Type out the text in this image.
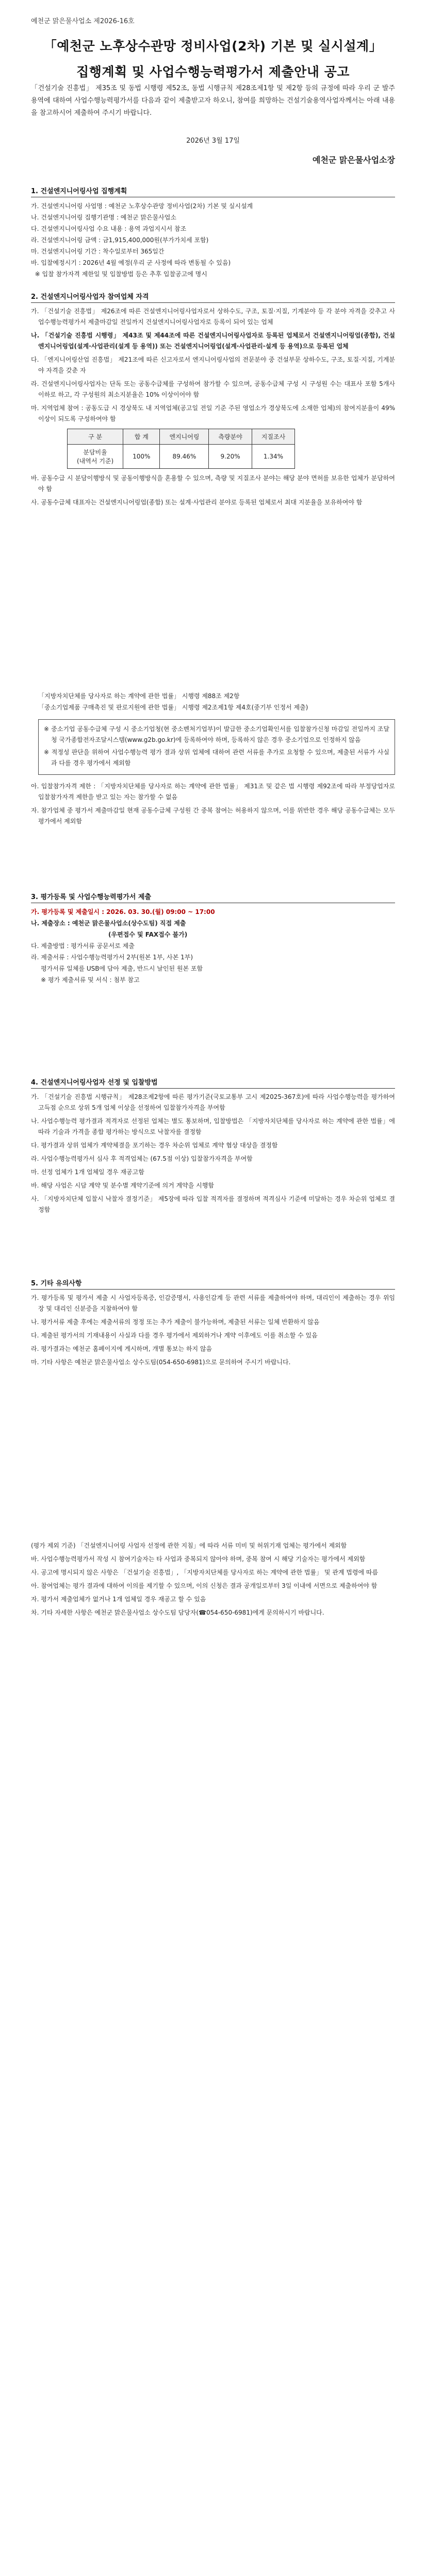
예천군 맑은물사업소 제2026-16호
「예천군 노후상수관망 정비사업(2차) 기본 및 실시설계」
집행계획 및 사업수행능력평가서 제출안내 공고
「건설기술 진흥법」 제35조 및 동법 시행령 제52조, 동법 시행규칙 제28조제1항 및 제2항 등의 규정에 따라 우리 군 발주 용역에 대하여 사업수행능력평가서를 다음과 같이 제출받고자 하오니, 참여를 희망하는 건설기술용역사업자께서는 아래 내용을 참고하시어 제출하여 주시기 바랍니다.
2026년 3월 17일
예천군 맑은물사업소장
1. 건설엔지니어링사업 집행계획
가. 건설엔지니어링 사업명 : 예천군 노후상수관망 정비사업(2차) 기본 및 실시설계
나. 건설엔지니어링 집행기관명 : 예천군 맑은물사업소
다. 건설엔지니어링사업 수요 내용 : 용역 과업지시서 참조
라. 건설엔지니어링 금액 : 금1,915,400,000원(부가가치세 포함)
마. 건설엔지니어링 기간 : 착수일로부터 365일간
바. 입찰예정시기 : 2026년 4월 예정(우리 군 사정에 따라 변동될 수 있음)
※ 입찰 참가자격 제한일 및 입찰방법 등은 추후 입찰공고에 명시
2. 건설엔지니어링사업자 참여업체 자격
가. 「건설기술 진흥법」 제26조에 따른 건설엔지니어링사업자로서 상하수도, 구조, 토질·지질, 기계분야 등 각 분야 자격을 갖추고 사업수행능력평가서 제출마감일 전일까지 건설엔지니어링사업자로 등록이 되어 있는 업체
나. 「건설기술 진흥법 시행령」 제43조 및 제44조에 따른 건설엔지니어링사업자로 등록된 업체로서 건설엔지니어링업(종합), 건설엔지니어링업(설계·사업관리(설계 등 용역)) 또는 건설엔지니어링업(설계·사업관리·설계 등 용역)으로 등록된 업체
다. 「엔지니어링산업 진흥법」 제21조에 따른 신고자로서 엔지니어링사업의 전문분야 중 건설부문 상하수도, 구조, 토질·지질, 기계분야 자격을 갖춘 자
라. 건설엔지니어링사업자는 단독 또는 공동수급체를 구성하여 참가할 수 있으며, 공동수급체 구성 시 구성원 수는 대표사 포함 5개사 이하로 하고, 각 구성원의 최소지분율은 10% 이상이어야 함
마. 지역업체 참여 : 공동도급 시 경상북도 내 지역업체(공고일 전일 기준 주된 영업소가 경상북도에 소재한 업체)의 참여지분율이 49% 이상이 되도록 구성하여야 함
구 분	합 계	엔지니어링	측량분야	지질조사
분담비율
(내역서 기준)	100%	89.46%	9.20%	1.34%
바. 공동수급 시 분담이행방식 및 공동이행방식을 혼용할 수 있으며, 측량 및 지질조사 분야는 해당 분야 면허를 보유한 업체가 분담하여야 함
사. 공동수급체 대표자는 건설엔지니어링업(종합) 또는 설계·사업관리 분야로 등록된 업체로서 최대 지분율을 보유하여야 함
「지방자치단체를 당사자로 하는 계약에 관한 법률」 시행령 제88조 제2항
「중소기업제품 구매촉진 및 판로지원에 관한 법률」 시행령 제2조제1항 제4호(중기부 인정서 제출)
※ 중소기업 공동수급체 구성 시 중소기업청(현 중소벤처기업부)이 발급한 중소기업확인서를 입찰참가신청 마감일 전일까지 조달청 국가종합전자조달시스템(www.g2b.go.kr)에 등록하여야 하며, 등록하지 않은 경우 중소기업으로 인정하지 않음
※ 적정성 판단을 위하여 사업수행능력 평가 결과 상위 업체에 대하여 관련 서류를 추가로 요청할 수 있으며, 제출된 서류가 사실과 다를 경우 평가에서 제외함
아. 입찰참가자격 제한 : 「지방자치단체를 당사자로 하는 계약에 관한 법률」 제31조 및 같은 법 시행령 제92조에 따라 부정당업자로 입찰참가자격 제한을 받고 있는 자는 참가할 수 없음
자. 참가업체 중 평가서 제출마감일 현재 공동수급체 구성원 간 중복 참여는 허용하지 않으며, 이를 위반한 경우 해당 공동수급체는 모두 평가에서 제외함
3. 평가등록 및 사업수행능력평가서 제출
가. 평가등록 및 제출일시 : 2026. 03. 30.(월) 09:00 ~ 17:00
나. 제출장소 : 예천군 맑은물사업소(상수도팀) 직접 제출
(우편접수 및 FAX접수 불가)
다. 제출방법 : 평가서류 공문서로 제출
라. 제출서류 : 사업수행능력평가서 2부(원본 1부, 사본 1부)
평가서류 일체를 USB에 담아 제출, 반드시 날인된 원본 포함
※ 평가 제출서류 및 서식 : 첨부 참고
4. 건설엔지니어링사업자 선정 및 입찰방법
가. 「건설기술 진흥법 시행규칙」 제28조제2항에 따른 평가기준(국토교통부 고시 제2025-367호)에 따라 사업수행능력을 평가하여 고득점 순으로 상위 5개 업체 이상을 선정하여 입찰참가자격을 부여함
나. 사업수행능력 평가결과 적격자로 선정된 업체는 별도 통보하며, 입찰방법은 「지방자치단체를 당사자로 하는 계약에 관한 법률」에 따라 기술과 가격을 종합 평가하는 방식으로 낙찰자를 결정함
다. 평가결과 상위 업체가 계약체결을 포기하는 경우 차순위 업체로 계약 협상 대상을 결정함
라. 사업수행능력평가서 심사 후 적격업체는 (67.5점 이상) 입찰참가자격을 부여함
마. 선정 업체가 1개 업체일 경우 재공고함
바. 해당 사업은 시담 계약 및 분수별 계약기준에 의거 계약을 시행함
사. 「지방자치단체 입찰시 낙찰자 결정기준」 제5장에 따라 입찰 적격자를 결정하며 적격심사 기준에 미달하는 경우 차순위 업체로 결정함
5. 기타 유의사항
가. 평가등록 및 평가서 제출 시 사업자등록증, 인감증명서, 사용인감계 등 관련 서류를 제출하여야 하며, 대리인이 제출하는 경우 위임장 및 대리인 신분증을 지참하여야 함
나. 평가서류 제출 후에는 제출서류의 정정 또는 추가 제출이 불가능하며, 제출된 서류는 일체 반환하지 않음
다. 제출된 평가서의 기재내용이 사실과 다를 경우 평가에서 제외하거나 계약 이후에도 이를 취소할 수 있음
라. 평가결과는 예천군 홈페이지에 게시하며, 개별 통보는 하지 않음
마. 기타 사항은 예천군 맑은물사업소 상수도팀(054-650-6981)으로 문의하여 주시기 바랍니다.
(평가 제외 기준) 「건설엔지니어링 사업자 선정에 관한 지침」에 따라 서류 미비 및 허위기재 업체는 평가에서 제외함
바. 사업수행능력평가서 작성 시 참여기술자는 타 사업과 중복되지 않아야 하며, 중복 참여 시 해당 기술자는 평가에서 제외함
사. 공고에 명시되지 않은 사항은 「건설기술 진흥법」, 「지방자치단체를 당사자로 하는 계약에 관한 법률」 및 관계 법령에 따름
아. 참여업체는 평가 결과에 대하여 이의를 제기할 수 있으며, 이의 신청은 결과 공개일로부터 3일 이내에 서면으로 제출하여야 함
자. 평가서 제출업체가 없거나 1개 업체일 경우 재공고 할 수 있음
차. 기타 자세한 사항은 예천군 맑은물사업소 상수도팀 담당자(☎054-650-6981)에게 문의하시기 바랍니다.
